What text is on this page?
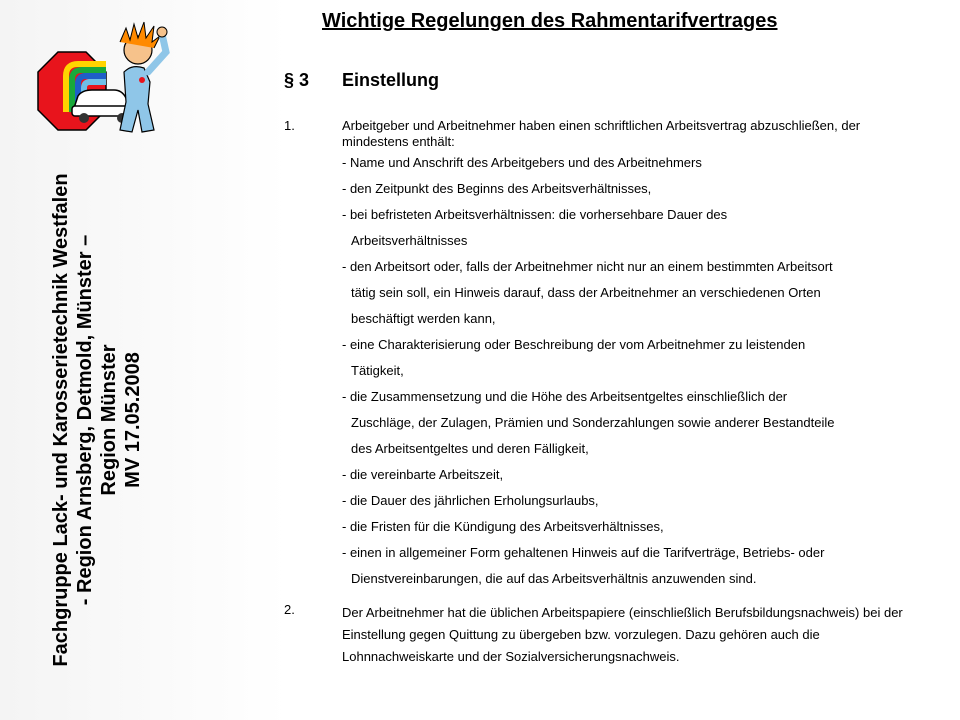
Fachgruppe Lack- und Karosserietechnik Westfalen - Region Arnsberg, Detmold, Münster – Region Münster MV 17.05.2008
Wichtige Regelungen des Rahmentarifvertrages
§ 3 Einstellung
1.	Arbeitgeber und Arbeitnehmer haben einen schriftlichen Arbeitsvertrag abzuschließen, der mindestens enthält:
- Name und Anschrift des Arbeitgebers und des Arbeitnehmers
- den Zeitpunkt des Beginns des Arbeitsverhältnisses,
- bei befristeten Arbeitsverhältnissen: die vorhersehbare Dauer des
Arbeitsverhältnisses
- den Arbeitsort oder, falls der Arbeitnehmer nicht nur an einem bestimmten Arbeitsort
tätig sein soll, ein Hinweis darauf, dass der Arbeitnehmer an verschiedenen Orten
beschäftigt werden kann,
- eine Charakterisierung oder Beschreibung der vom Arbeitnehmer zu leistenden
Tätigkeit,
- die Zusammensetzung und die Höhe des Arbeitsentgeltes einschließlich der
Zuschläge, der Zulagen, Prämien und Sonderzahlungen sowie anderer Bestandteile
des Arbeitsentgeltes und deren Fälligkeit,
- die vereinbarte Arbeitszeit,
- die Dauer des jährlichen Erholungsurlaubs,
- die Fristen für die Kündigung des Arbeitsverhältnisses,
- einen in allgemeiner Form gehaltenen Hinweis auf die Tarifverträge, Betriebs- oder
Dienstvereinbarungen, die auf das Arbeitsverhältnis anzuwenden sind.
2.	Der Arbeitnehmer hat die üblichen Arbeitspapiere (einschließlich Berufsbildungsnachweis) bei der Einstellung gegen Quittung zu übergeben bzw. vorzulegen. Dazu gehören auch die Lohnnachweiskarte und der Sozialversicherungsnachweis.
